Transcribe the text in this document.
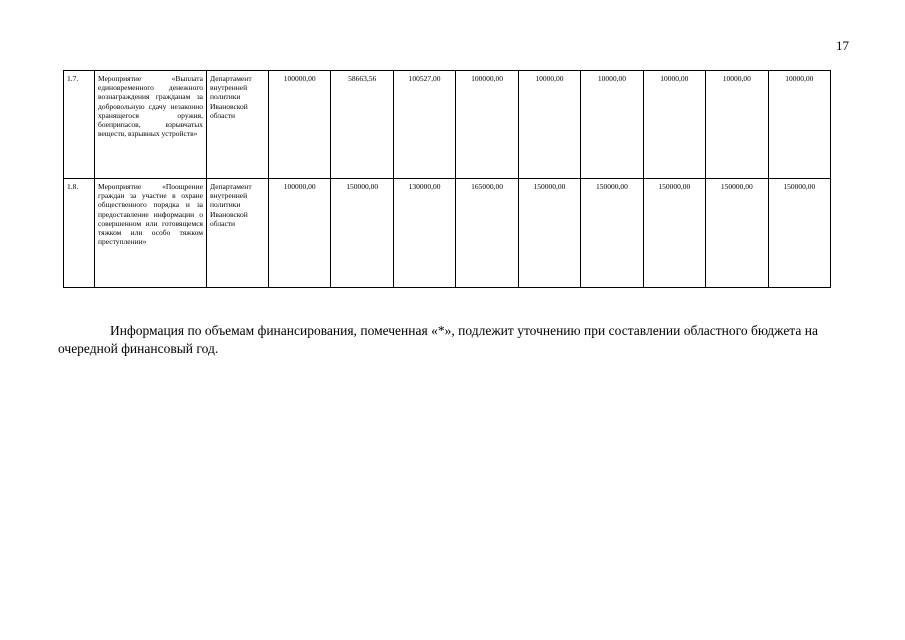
17
1.7.	Мероприятие «Выплата единовременного денежного вознаграждения гражданам за добровольную сдачу незаконно хранящегося оружия, боеприпасов, взрывчатых веществ, взрывных устройств»	Департамент внутренней политики Ивановской области	100000,00	58663,56	100527,00	100000,00	10000,00	10000,00	10000,00	10000,00	10000,00
1.8.	Мероприятие «Поощрение граждан за участие в охране общественного порядка и за предоставление информации о совершенном или готовящемся тяжком или особо тяжком преступлении»	Департамент внутренней политики Ивановской области	100000,00	150000,00	130000,00	165000,00	150000,00	150000,00	150000,00	150000,00	150000,00

Информация по объемам финансирования, помеченная «*», подлежит уточнению при составлении областного бюджета на очередной финансовый год.
